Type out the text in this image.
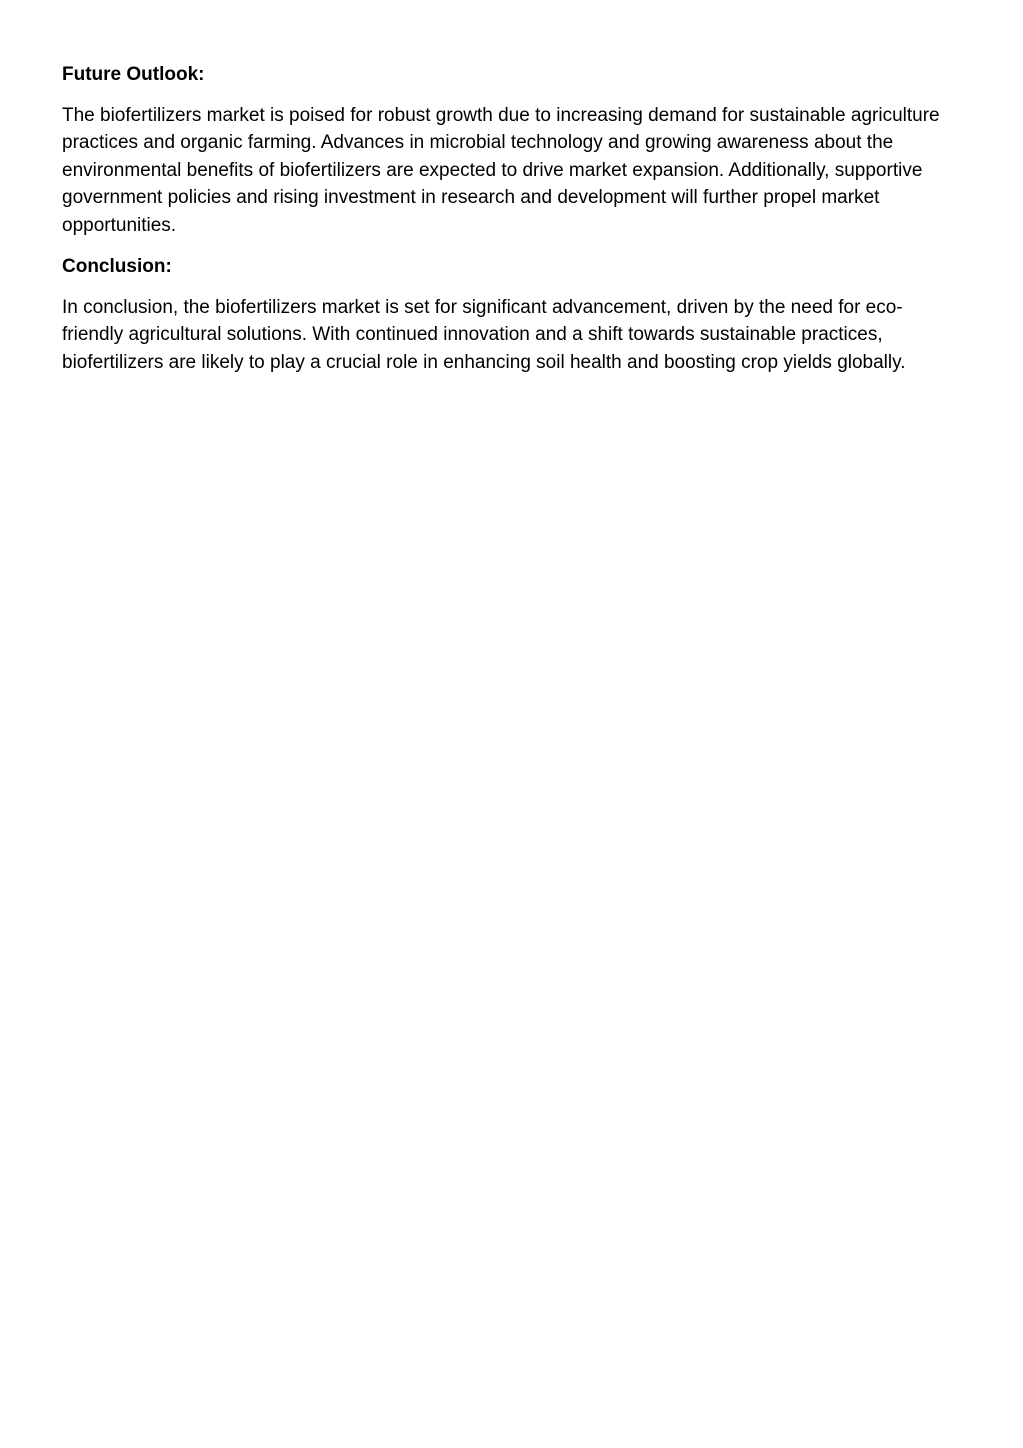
Future Outlook:

The biofertilizers market is poised for robust growth due to increasing demand for sustainable agriculture practices and organic farming. Advances in microbial technology and growing awareness about the environmental benefits of biofertilizers are expected to drive market expansion. Additionally, supportive government policies and rising investment in research and development will further propel market opportunities.

Conclusion:

In conclusion, the biofertilizers market is set for significant advancement, driven by the need for eco-friendly agricultural solutions. With continued innovation and a shift towards sustainable practices, biofertilizers are likely to play a crucial role in enhancing soil health and boosting crop yields globally.
